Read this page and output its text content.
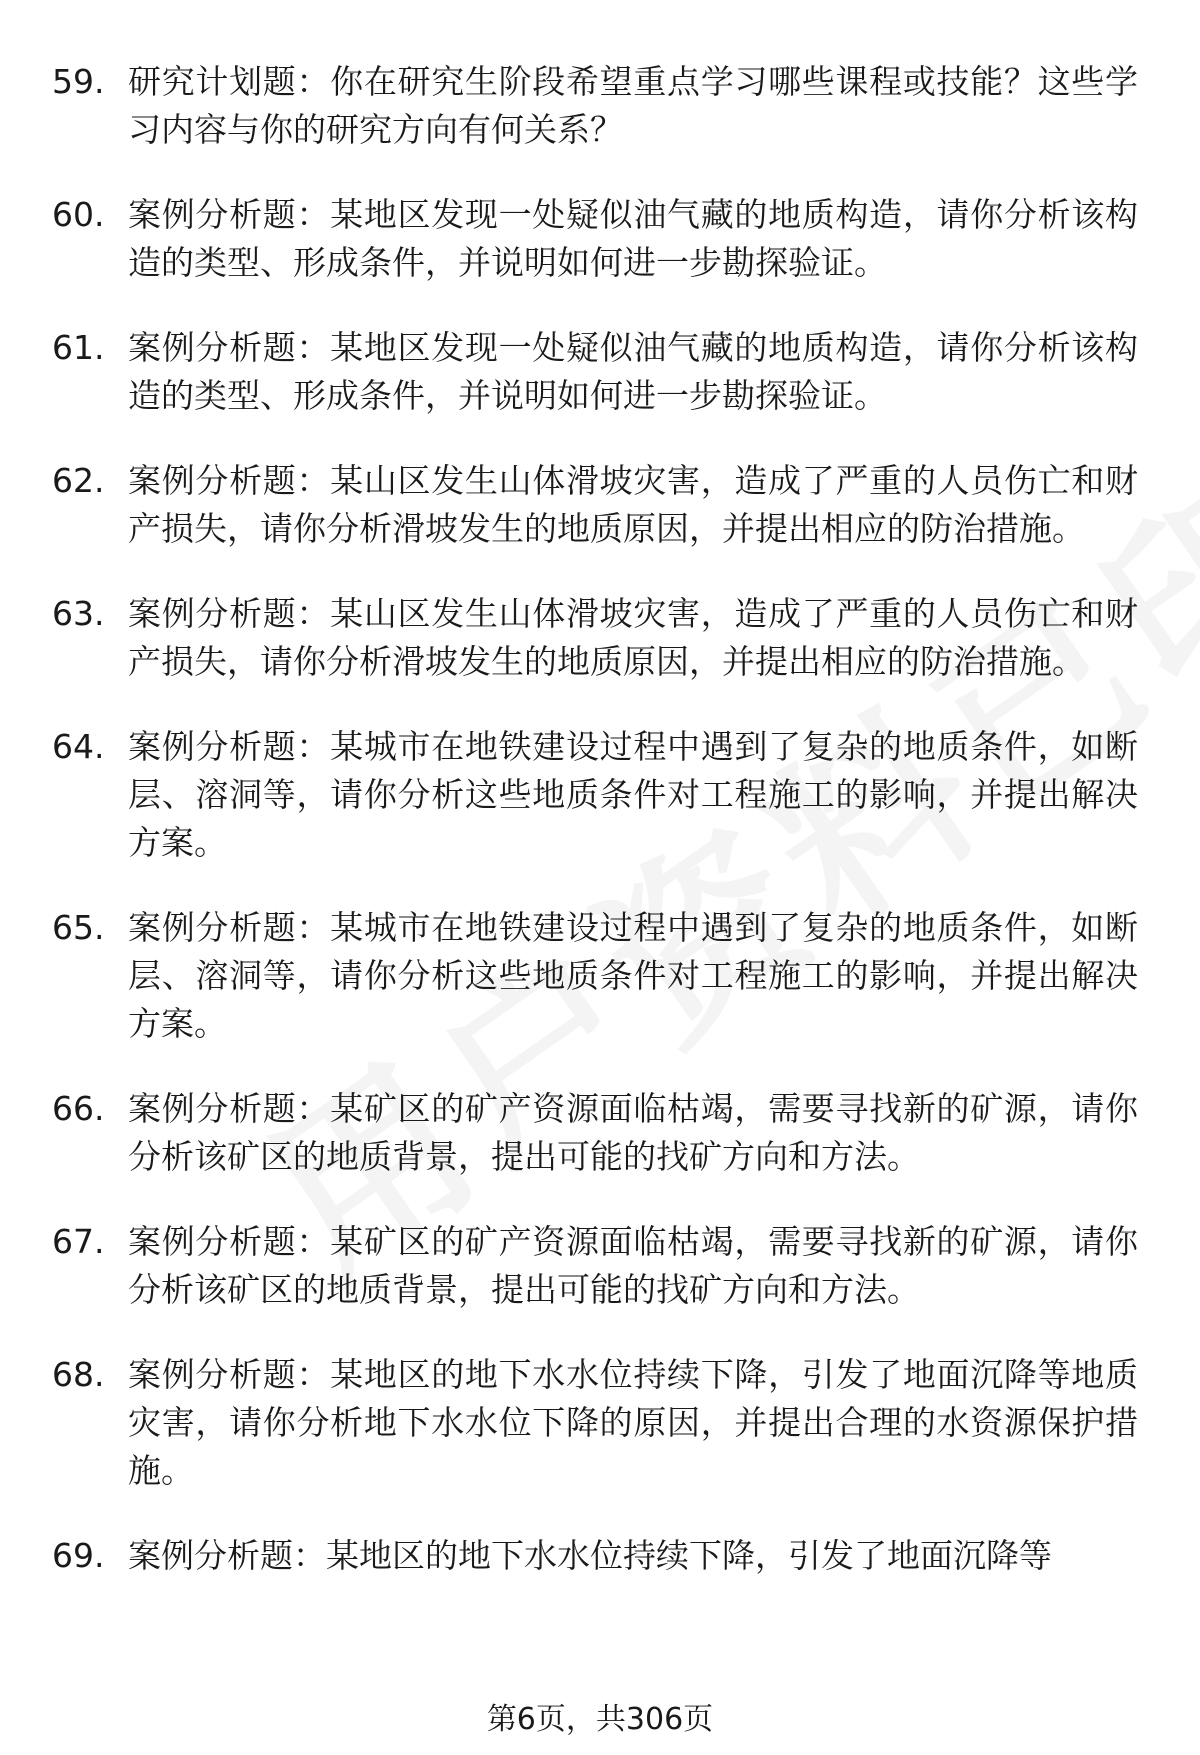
59. 研究计划题：你在研究生阶段希望重点学习哪些课程或技能？这些学习内容与你的研究方向有何关系？
60. 案例分析题：某地区发现一处疑似油气藏的地质构造，请你分析该构造的类型、形成条件，并说明如何进一步勘探验证。
61. 案例分析题：某地区发现一处疑似油气藏的地质构造，请你分析该构造的类型、形成条件，并说明如何进一步勘探验证。
62. 案例分析题：某山区发生山体滑坡灾害，造成了严重的人员伤亡和财产损失，请你分析滑坡发生的地质原因，并提出相应的防治措施。
63. 案例分析题：某山区发生山体滑坡灾害，造成了严重的人员伤亡和财产损失，请你分析滑坡发生的地质原因，并提出相应的防治措施。
64. 案例分析题：某城市在地铁建设过程中遇到了复杂的地质条件，如断层、溶洞等，请你分析这些地质条件对工程施工的影响，并提出解决方案。
65. 案例分析题：某城市在地铁建设过程中遇到了复杂的地质条件，如断层、溶洞等，请你分析这些地质条件对工程施工的影响，并提出解决方案。
66. 案例分析题：某矿区的矿产资源面临枯竭，需要寻找新的矿源，请你分析该矿区的地质背景，提出可能的找矿方向和方法。
67. 案例分析题：某矿区的矿产资源面临枯竭，需要寻找新的矿源，请你分析该矿区的地质背景，提出可能的找矿方向和方法。
68. 案例分析题：某地区的地下水水位持续下降，引发了地面沉降等地质灾害，请你分析地下水水位下降的原因，并提出合理的水资源保护措施。
69. 案例分析题：某地区的地下水水位持续下降，引发了地面沉降等
第6页，共306页
